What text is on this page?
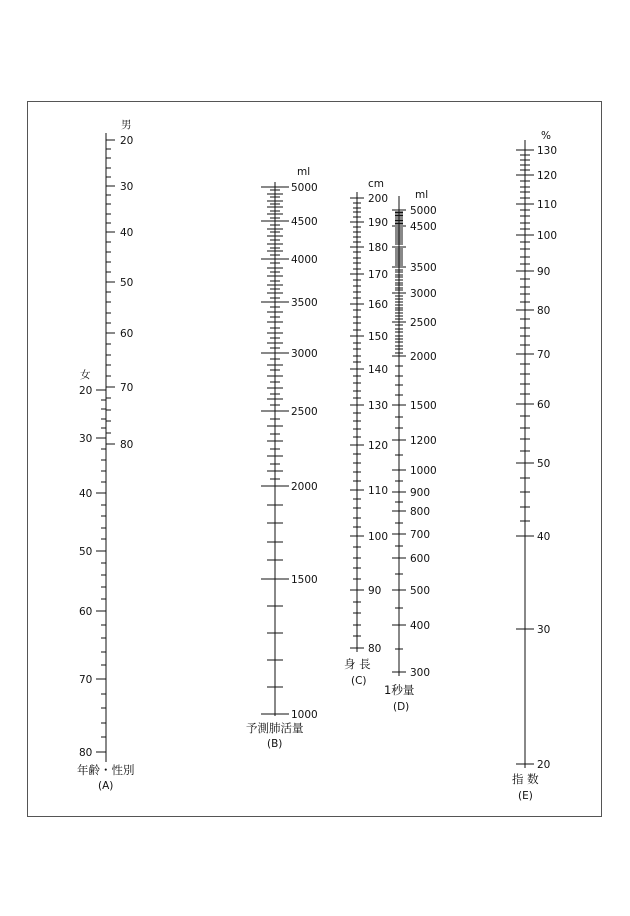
20
20
30
30
40
40
50
50
60
60
70
70
80
80
男
女
年齢・性別
(A)
5000
4500
4000
3500
3000
2500
2000
1500
1000
ml
予測肺活量
(B)
200
190
180
170
160
150
140
130
120
110
100
90
80
cm
身 長
(C)
5000
4500
3500
3000
2500
2000
1500
1200
1000
900
800
700
600
500
400
300
ml
1秒量
(D)
130
120
110
100
90
80
70
60
50
40
30
20
%
指 数
(E)
